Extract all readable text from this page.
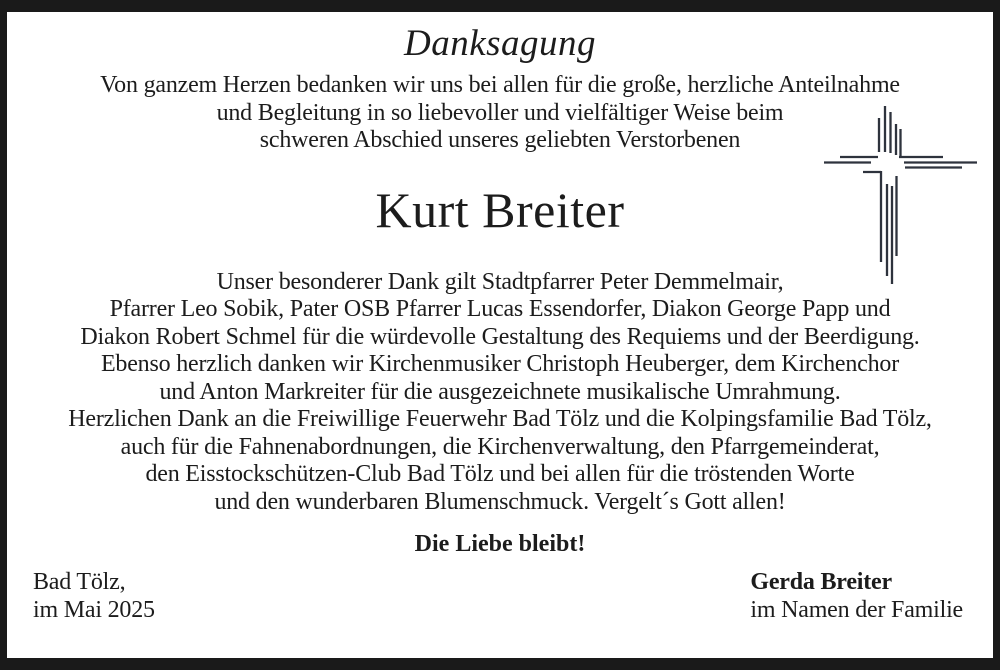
Danksagung
Von ganzem Herzen bedanken wir uns bei allen für die große, herzliche Anteilnahme
und Begleitung in so liebevoller und vielfältiger Weise beim
schweren Abschied unseres geliebten Verstorbenen
Kurt Breiter
Unser besonderer Dank gilt Stadtpfarrer Peter Demmelmair,
Pfarrer Leo Sobik, Pater OSB Pfarrer Lucas Essendorfer, Diakon George Papp und
Diakon Robert Schmel für die würdevolle Gestaltung des Requiems und der Beerdigung.
Ebenso herzlich danken wir Kirchenmusiker Christoph Heuberger, dem Kirchenchor
und Anton Markreiter für die ausgezeichnete musikalische Umrahmung.
Herzlichen Dank an die Freiwillige Feuerwehr Bad Tölz und die Kolpingsfamilie Bad Tölz,
auch für die Fahnenabordnungen, die Kirchenverwaltung, den Pfarrgemeinderat,
den Eisstockschützen-Club Bad Tölz und bei allen für die tröstenden Worte
und den wunderbaren Blumenschmuck. Vergelt´s Gott allen!
Die Liebe bleibt!
Bad Tölz,
im Mai 2025
Gerda Breiter
im Namen der Familie
